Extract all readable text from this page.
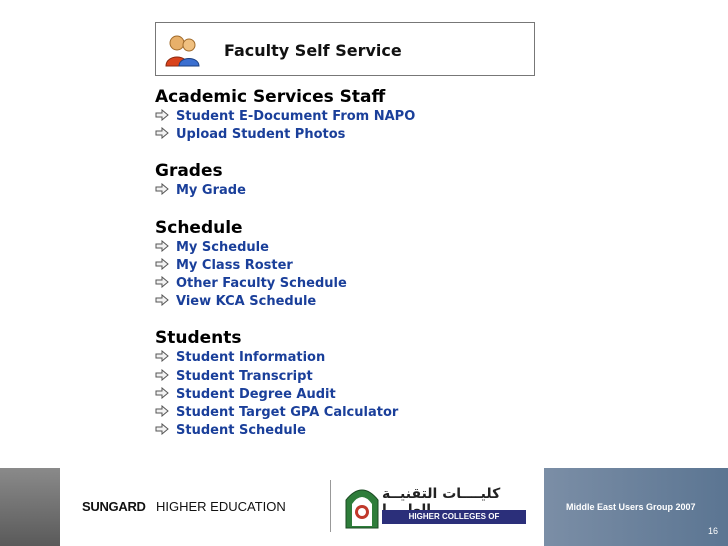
Faculty Self Service
Academic Services Staff
Student E-Document From NAPO
Upload Student Photos
Grades
My Grade
Schedule
My Schedule
My Class Roster
Other Faculty Schedule
View KCA Schedule
Students
Student Information
Student Transcript
Student Degree Audit
Student Target GPA Calculator
Student Schedule
SUNGARD HIGHER EDUCATION
كليــــات التقنيــة
HIGHER COLLEGES OF TECHNOLOGY
Middle East Users Group 2007
16
